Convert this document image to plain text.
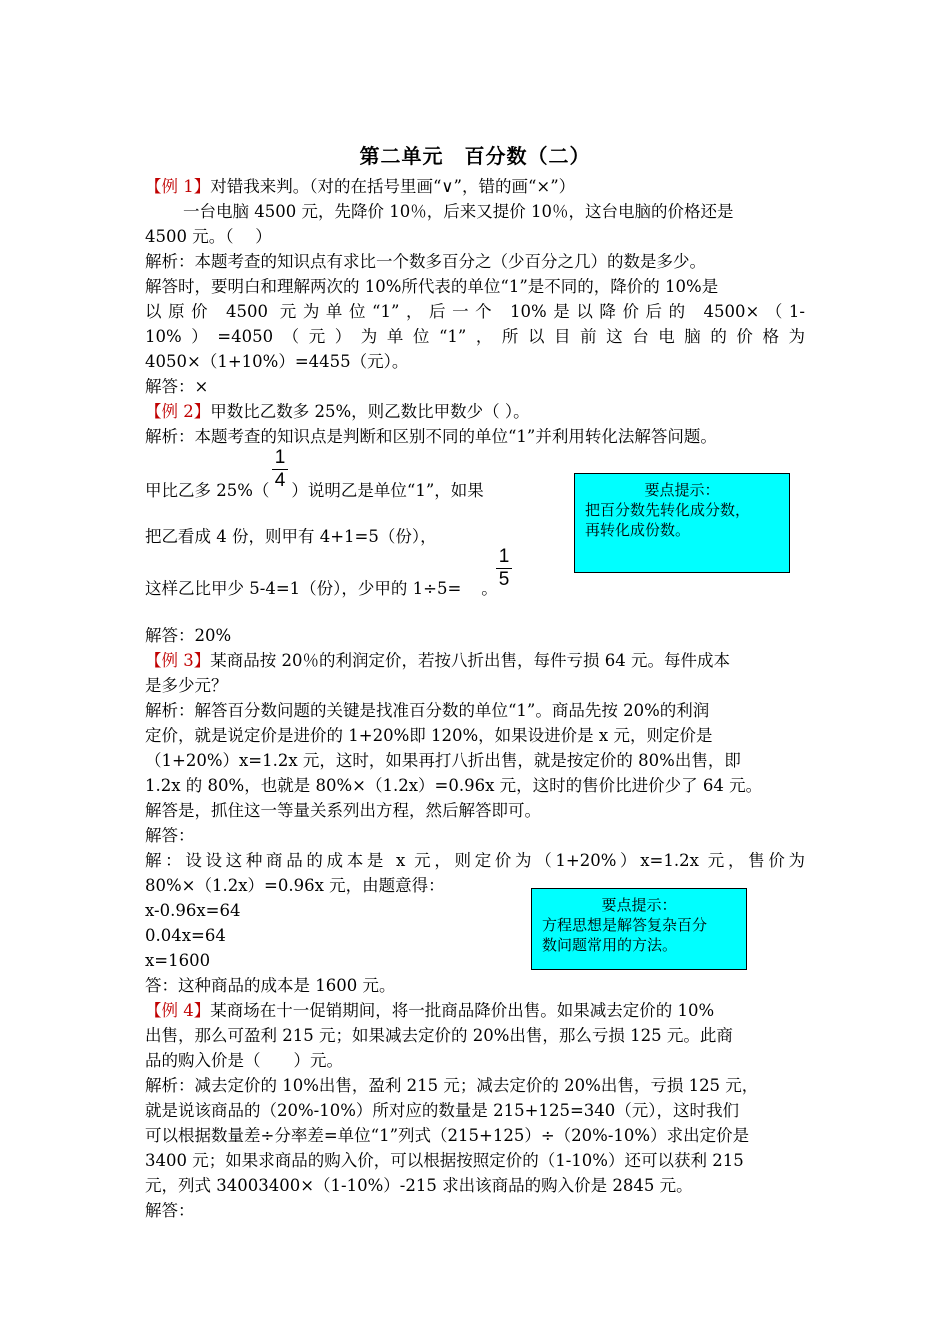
第二单元　百分数（二）
【例 1】对错我来判。（对的在括号里画“∨”，错的画“×”）
一台电脑 4500 元，先降价 10％，后来又提价 10％，这台电脑的价格还是
4500 元。（　 ）
解析：本题考查的知识点有求比一个数多百分之（少百分之几）的数是多少。
解答时，要明白和理解两次的 10%所代表的单位“1”是不同的，降价的 10%是
以原价 4500 元为单位“1”，后一个 10%是以降价后的 4500×（1-
10%）=4050（元）为单位“1”，所以目前这台电脑的价格为
4050×（1+10%）=4455（元）。
解答：×
【例 2】甲数比乙数多 25%，则乙数比甲数少（ ）。
解析：本题考查的知识点是判断和区别不同的单位“1”并利用转化法解答问题。
甲比乙多 25%（ ）说明乙是单位“1”，如果
1
4
把乙看成 4 份，则甲有 4+1=5（份），
这样乙比甲少 5-4=1（份），少甲的 1÷5= 。
1
5
解答：20%
要点提示：
把百分数先转化成分数，
再转化成份数。
【例 3】某商品按 20％的利润定价，若按八折出售，每件亏损 64 元。每件成本
是多少元？
解析：解答百分数问题的关键是找准百分数的单位“1”。商品先按 20%的利润
定价，就是说定价是进价的 1+20%即 120%，如果设进价是 x 元，则定价是
（1+20%）x=1.2x 元，这时，如果再打八折出售，就是按定价的 80%出售，即
1.2x 的 80%，也就是 80%×（1.2x）=0.96x 元，这时的售价比进价少了 64 元。
解答是，抓住这一等量关系列出方程，然后解答即可。
解答：
解：设设这种商品的成本是 x 元，则定价为（1+20%）x=1.2x 元，售价为
80%×（1.2x）=0.96x 元，由题意得：
x-0.96x=64
0.04x=64
x=1600
答：这种商品的成本是 1600 元。
要点提示：
方程思想是解答复杂百分
数问题常用的方法。
【例 4】某商场在十一促销期间，将一批商品降价出售。如果减去定价的 10%
出售，那么可盈利 215 元；如果减去定价的 20%出售，那么亏损 125 元。此商
品的购入价是（　　）元。
解析：减去定价的 10%出售，盈利 215 元；减去定价的 20%出售，亏损 125 元，
就是说该商品的（20%-10%）所对应的数量是 215+125=340（元），这时我们
可以根据数量差÷分率差=单位“1”列式（215+125）÷（20%-10%）求出定价是
3400 元；如果求商品的购入价，可以根据按照定价的（1-10%）还可以获利 215
元，列式 34003400×（1-10%）-215 求出该商品的购入价是 2845 元。
解答：
